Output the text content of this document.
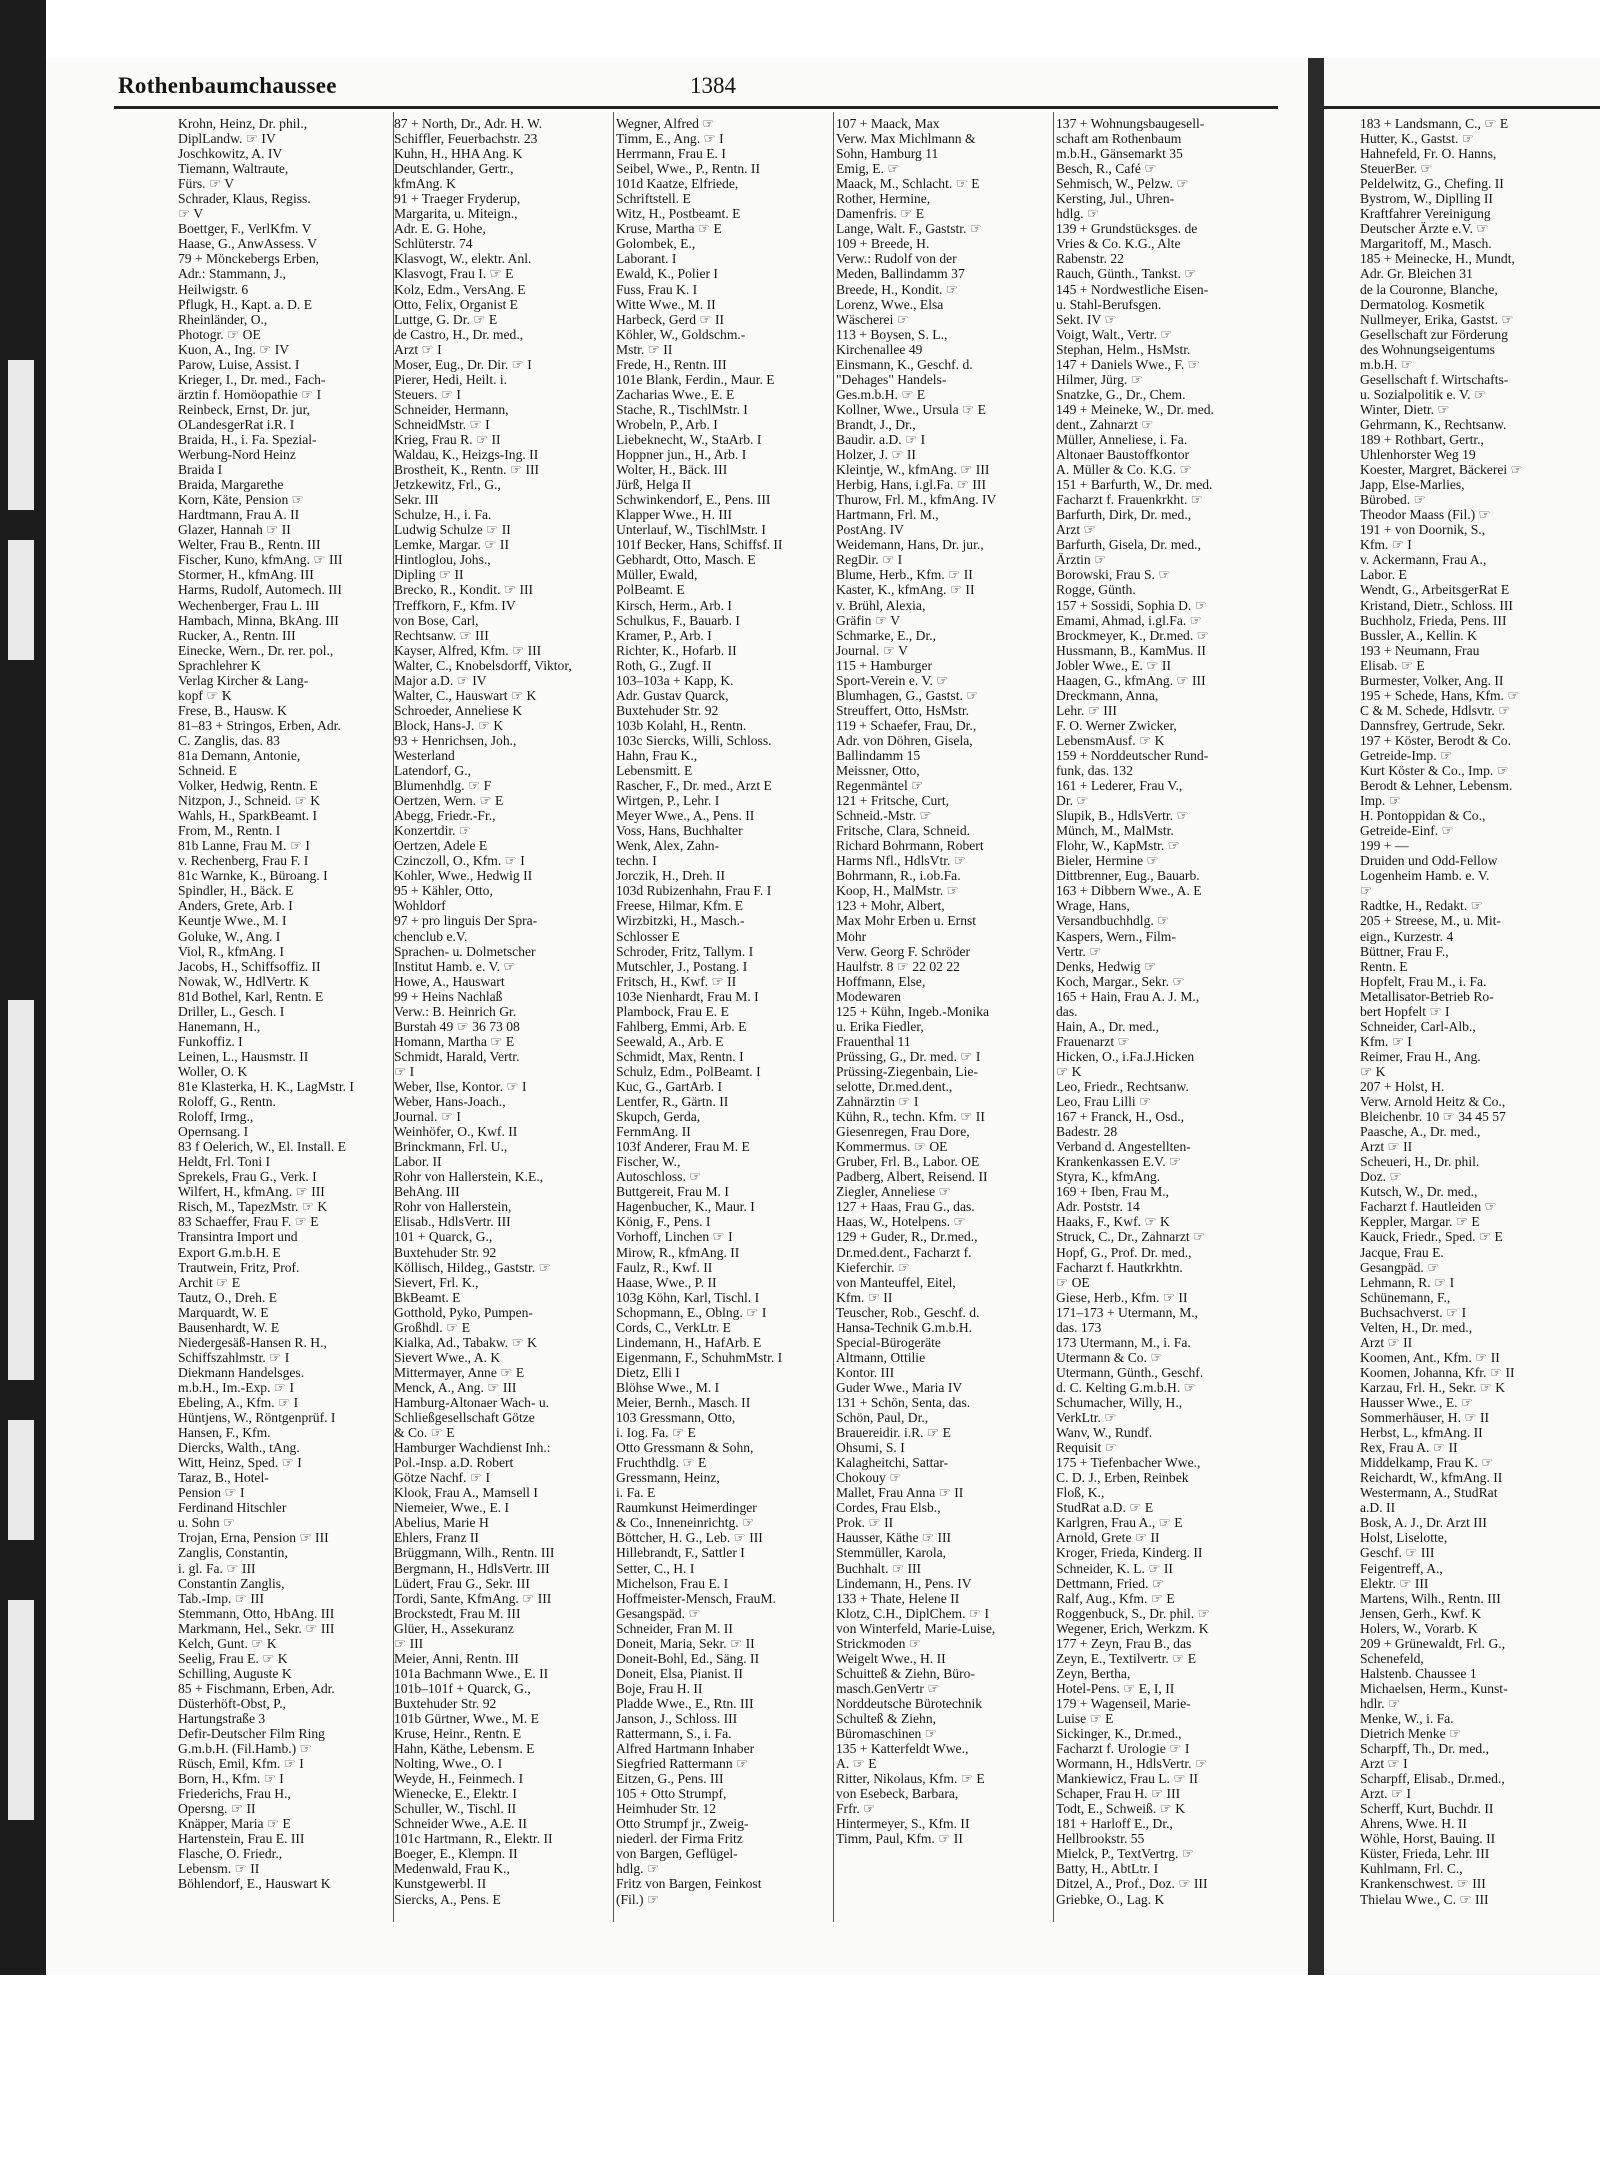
Rothenbaumchaussee	1384
Krohn, Heinz, Dr. phil.,
DiplLandw. ☞ IV
Joschkowitz, A. IV
Tiemann, Waltraute,
Fürs. ☞ V
Schrader, Klaus, Regiss.
☞ V
Boettger, F., VerlKfm. V
Haase, G., AnwAssess. V
79 + Mönckebergs Erben,
Adr.: Stammann, J.,
Heilwigstr. 6
Pflugk, H., Kapt. a. D. E
Rheinländer, O.,
Photogr. ☞ OE
Kuon, A., Ing. ☞ IV
Parow, Luise, Assist. I
Krieger, I., Dr. med., Fach-
ärztin f. Homöopathie ☞ I
Reinbeck, Ernst, Dr. jur,
OLandesgerRat i.R. I
Braida, H., i. Fa. Spezial-
Werbung-Nord Heinz
Braida I
Braida, Margarethe
Korn, Käte, Pension ☞
Hardtmann, Frau A. II
Glazer, Hannah ☞ II
Welter, Frau B., Rentn. III
Fischer, Kuno, kfmAng. ☞ III
Stormer, H., kfmAng. III
Harms, Rudolf, Automech. III
Wechenberger, Frau L. III
Hambach, Minna, BkAng. III
Rucker, A., Rentn. III
Einecke, Wern., Dr. rer. pol.,
Sprachlehrer K
Verlag Kircher & Lang-
kopf ☞ K
Frese, B., Hausw. K
81–83 + Stringos, Erben, Adr.
C. Zanglis, das. 83
81a Demann, Antonie,
Schneid. E
Volker, Hedwig, Rentn. E
Nitzpon, J., Schneid. ☞ K
Wahls, H., SparkBeamt. I
From, M., Rentn. I
81b Lanne, Frau M. ☞ I
v. Rechenberg, Frau F. I
81c Warnke, K., Büroang. I
Spindler, H., Bäck. E
Anders, Grete, Arb. I
Keuntje Wwe., M. I
Goluke, W., Ang. I
Viol, R., kfmAng. I
Jacobs, H., Schiffsoffiz. II
Nowak, W., HdlVertr. K
81d Bothel, Karl, Rentn. E
Driller, L., Gesch. I
Hanemann, H.,
Funkoffiz. I
Leinen, L., Hausmstr. II
Woller, O. K
81e Klasterka, H. K., LagMstr. I
Roloff, G., Rentn.
Roloff, Irmg.,
Opernsang. I
83 f Oelerich, W., El. Install. E
Heldt, Frl. Toni I
Sprekels, Frau G., Verk. I
Wilfert, H., kfmAng. ☞ III
Risch, M., TapezMstr. ☞ K
83 Schaeffer, Frau F. ☞ E
Transintra Import und
Export G.m.b.H. E
Trautwein, Fritz, Prof.
Archit ☞ E
Tautz, O., Dreh. E
Marquardt, W. E
Bausenhardt, W. E
Niedergesäß-Hansen R. H.,
Schiffszahlmstr. ☞ I
Diekmann Handelsges.
m.b.H., Im.-Exp. ☞ I
Ebeling, A., Kfm. ☞ I
Hüntjens, W., Röntgenprüf. I
Hansen, F., Kfm.
Diercks, Walth., tAng.
Witt, Heinz, Sped. ☞ I
Taraz, B., Hotel-
Pension ☞ I
Ferdinand Hitschler
u. Sohn ☞
Trojan, Erna, Pension ☞ III
Zanglis, Constantin,
i. gl. Fa. ☞ III
Constantin Zanglis,
Tab.-Imp. ☞ III
Stemmann, Otto, HbAng. III
Markmann, Hel., Sekr. ☞ III
Kelch, Gunt. ☞ K
Seelig, Frau E. ☞ K
Schilling, Auguste K
85 + Fischmann, Erben, Adr.
Düsterhöft-Obst, P.,
Hartungstraße 3
Defir-Deutscher Film Ring
G.m.b.H. (Fil.Hamb.) ☞
Rüsch, Emil, Kfm. ☞ I
Born, H., Kfm. ☞ I
Friederichs, Frau H.,
Opersng. ☞ II
Knäpper, Maria ☞ E
Hartenstein, Frau E. III
Flasche, O. Friedr.,
Lebensm. ☞ II
Böhlendorf, E., Hauswart K
87 + North, Dr., Adr. H. W.
Schiffler, Feuerbachstr. 23
Kuhn, H., HHA Ang. K
Deutschlander, Gertr.,
kfmAng. K
91 + Traeger Fryderup,
Margarita, u. Miteign.,
Adr. E. G. Hohe,
Schlüterstr. 74
Klasvogt, W., elektr. Anl.
Klasvogt, Frau I. ☞ E
Kolz, Edm., VersAng. E
Otto, Felix, Organist E
Luttge, G. Dr. ☞ E
de Castro, H., Dr. med.,
Arzt ☞ I
Moser, Eug., Dr. Dir. ☞ I
Pierer, Hedi, Heilt. i.
Steuers. ☞ I
Schneider, Hermann,
SchneidMstr. ☞ I
Krieg, Frau R. ☞ II
Waldau, K., Heizgs-Ing. II
Brostheit, K., Rentn. ☞ III
Jetzkewitz, Frl., G.,
Sekr. III
Schulze, H., i. Fa.
Ludwig Schulze ☞ II
Lemke, Margar. ☞ II
Hintloglou, Johs.,
Dipling ☞ II
Brecko, R., Kondit. ☞ III
Treffkorn, F., Kfm. IV
von Bose, Carl,
Rechtsanw. ☞ III
Kayser, Alfred, Kfm. ☞ III
Walter, C., Knobelsdorff, Viktor,
Major a.D. ☞ IV
Walter, C., Hauswart ☞ K
Schroeder, Anneliese K
Block, Hans-J. ☞ K
93 + Henrichsen, Joh.,
Westerland
Latendorf, G.,
Blumenhdlg. ☞ F
Oertzen, Wern. ☞ E
Abegg, Friedr.-Fr.,
Konzertdir. ☞
Oertzen, Adele E
Czinczoll, O., Kfm. ☞ I
Kohler, Wwe., Hedwig II
95 + Kähler, Otto,
Wohldorf
97 + pro linguis Der Spra-
chenclub e.V.
Sprachen- u. Dolmetscher
Institut Hamb. e. V. ☞
Howe, A., Hauswart
99 + Heins Nachlaß
Verw.: B. Heinrich Gr.
Burstah 49 ☞ 36 73 08
Homann, Martha ☞ E
Schmidt, Harald, Vertr.
☞ I
Weber, Ilse, Kontor. ☞ I
Weber, Hans-Joach.,
Journal. ☞ I
Weinhöfer, O., Kwf. II
Brinckmann, Frl. U.,
Labor. II
Rohr von Hallerstein, K.E.,
BehAng. III
Rohr von Hallerstein,
Elisab., HdlsVertr. III
101 + Quarck, G.,
Buxtehuder Str. 92
Köllisch, Hildeg., Gaststr. ☞
Sievert, Frl. K.,
BkBeamt. E
Gotthold, Pyko, Pumpen-
Großhdl. ☞ E
Kialka, Ad., Tabakw. ☞ K
Sievert Wwe., A. K
Mittermayer, Anne ☞ E
Menck, A., Ang. ☞ III
Hamburg-Altonaer Wach- u.
Schließgesellschaft Götze
& Co. ☞ E
Hamburger Wachdienst Inh.:
Pol.-Insp. a.D. Robert
Götze Nachf. ☞ I
Klook, Frau A., Mamsell I
Niemeier, Wwe., E. I
Abelius, Marie H
Ehlers, Franz II
Brüggmann, Wilh., Rentn. III
Bergmann, H., HdlsVertr. III
Lüdert, Frau G., Sekr. III
Tordi, Sante, KfmAng. ☞ III
Brockstedt, Frau M. III
Glüer, H., Assekuranz
☞ III
Meier, Anni, Rentn. III
101a Bachmann Wwe., E. II
101b–101f + Quarck, G.,
Buxtehuder Str. 92
101b Gürtner, Wwe., M. E
Kruse, Heinr., Rentn. E
Hahn, Käthe, Lebensm. E
Nolting, Wwe., O. I
Weyde, H., Feinmech. I
Wienecke, E., Elektr. I
Schuller, W., Tischl. II
Schneider Wwe., A.E. II
101c Hartmann, R., Elektr. II
Boeger, E., Klempn. II
Medenwald, Frau K.,
Kunstgewerbl. II
Siercks, A., Pens. E
Wegner, Alfred ☞
Timm, E., Ang. ☞ I
Herrmann, Frau E. I
Seibel, Wwe., P., Rentn. II
101d Kaatze, Elfriede,
Schriftstell. E
Witz, H., Postbeamt. E
Kruse, Martha ☞ E
Golombek, E.,
Laborant. I
Ewald, K., Polier I
Fuss, Frau K. I
Witte Wwe., M. II
Harbeck, Gerd ☞ II
Köhler, W., Goldschm.-
Mstr. ☞ II
Frede, H., Rentn. III
101e Blank, Ferdin., Maur. E
Zacharias Wwe., E. E
Stache, R., TischlMstr. I
Wrobeln, P., Arb. I
Liebeknecht, W., StaArb. I
Hoppner jun., H., Arb. I
Wolter, H., Bäck. III
Jürß, Helga II
Schwinkendorf, E., Pens. III
Klapper Wwe., H. III
Unterlauf, W., TischlMstr. I
101f Becker, Hans, Schiffsf. II
Gebhardt, Otto, Masch. E
Müller, Ewald,
PolBeamt. E
Kirsch, Herm., Arb. I
Schulkus, F., Bauarb. I
Kramer, P., Arb. I
Richter, K., Hofarb. II
Roth, G., Zugf. II
103–103a + Kapp, K.
Adr. Gustav Quarck,
Buxtehuder Str. 92
103b Kolahl, H., Rentn.
103c Siercks, Willi, Schloss.
Hahn, Frau K.,
Lebensmitt. E
Rascher, F., Dr. med., Arzt E
Wirtgen, P., Lehr. I
Meyer Wwe., A., Pens. II
Voss, Hans, Buchhalter
Wenk, Alex, Zahn-
techn. I
Jorczik, H., Dreh. II
103d Rubizenhahn, Frau F. I
Freese, Hilmar, Kfm. E
Wirzbitzki, H., Masch.-
Schlosser E
Schroder, Fritz, Tallym. I
Mutschler, J., Postang. I
Fritsch, H., Kwf. ☞ II
103e Nienhardt, Frau M. I
Plambock, Frau E. E
Fahlberg, Emmi, Arb. E
Seewald, A., Arb. E
Schmidt, Max, Rentn. I
Schulz, Edm., PolBeamt. I
Kuc, G., GartArb. I
Lentfer, R., Gärtn. II
Skupch, Gerda,
FernmAng. II
103f Anderer, Frau M. E
Fischer, W.,
Autoschloss. ☞
Buttgereit, Frau M. I
Hagenbucher, K., Maur. I
König, F., Pens. I
Vorhoff, Linchen ☞ I
Mirow, R., kfmAng. II
Faulz, R., Kwf. II
Haase, Wwe., P. II
103g Köhn, Karl, Tischl. I
Schopmann, E., Oblng. ☞ I
Cords, C., VerkLtr. E
Lindemann, H., HafArb. E
Eigenmann, F., SchuhmMstr. I
Dietz, Elli I
Blöhse Wwe., M. I
Meier, Bernh., Masch. II
103 Gressmann, Otto,
i. Iog. Fa. ☞ E
Otto Gressmann & Sohn,
Fruchthdlg. ☞ E
Gressmann, Heinz,
i. Fa. E
Raumkunst Heimerdinger
& Co., Inneneinrichtg. ☞
Böttcher, H. G., Leb. ☞ III
Hillebrandt, F., Sattler I
Setter, C., H. I
Michelson, Frau E. I
Hoffmeister-Mensch, FrauM.
Gesangspäd. ☞
Schneider, Fran M. II
Doneit, Maria, Sekr. ☞ II
Doneit-Bohl, Ed., Säng. II
Doneit, Elsa, Pianist. II
Boje, Frau H. II
Pladde Wwe., E., Rtn. III
Janson, J., Schloss. III
Rattermann, S., i. Fa.
Alfred Hartmann Inhaber
Siegfried Rattermann ☞
Eitzen, G., Pens. III
105 + Otto Strumpf,
Heimhuder Str. 12
Otto Strumpf jr., Zweig-
niederl. der Firma Fritz
von Bargen, Geflügel-
hdlg. ☞
Fritz von Bargen, Feinkost
(Fil.) ☞
107 + Maack, Max
Verw. Max Michlmann &
Sohn, Hamburg 11
Emig, E. ☞
Maack, M., Schlacht. ☞ E
Rother, Hermine,
Damenfris. ☞ E
Lange, Walt. F., Gaststr. ☞
109 + Breede, H.
Verw.: Rudolf von der
Meden, Ballindamm 37
Breede, H., Kondit. ☞
Lorenz, Wwe., Elsa
Wäscherei ☞
113 + Boysen, S. L.,
Kirchenallee 49
Einsmann, K., Geschf. d.
"Dehages" Handels-
Ges.m.b.H. ☞ E
Kollner, Wwe., Ursula ☞ E
Brandt, J., Dr.,
Baudir. a.D. ☞ I
Holzer, J. ☞ II
Kleintje, W., kfmAng. ☞ III
Herbig, Hans, i.gl.Fa. ☞ III
Thurow, Frl. M., kfmAng. IV
Hartmann, Frl. M.,
PostAng. IV
Weidemann, Hans, Dr. jur.,
RegDir. ☞ I
Blume, Herb., Kfm. ☞ II
Kaster, K., kfmAng. ☞ II
v. Brühl, Alexia,
Gräfin ☞ V
Schmarke, E., Dr.,
Journal. ☞ V
115 + Hamburger
Sport-Verein e. V. ☞
Blumhagen, G., Gastst. ☞
Streuffert, Otto, HsMstr.
119 + Schaefer, Frau, Dr.,
Adr. von Döhren, Gisela,
Ballindamm 15
Meissner, Otto,
Regenmäntel ☞
121 + Fritsche, Curt,
Schneid.-Mstr. ☞
Fritsche, Clara, Schneid.
Richard Bohrmann, Robert
Harms Nfl., HdlsVtr. ☞
Bohrmann, R., i.ob.Fa.
Koop, H., MalMstr. ☞
123 + Mohr, Albert,
Max Mohr Erben u. Ernst
Mohr
Verw. Georg F. Schröder
Haulfstr. 8 ☞ 22 02 22
Hoffmann, Else,
Modewaren
125 + Kühn, Ingeb.-Monika
u. Erika Fiedler,
Frauenthal 11
Prüssing, G., Dr. med. ☞ I
Prüssing-Ziegenbain, Lie-
selotte, Dr.med.dent.,
Zahnärztin ☞ I
Kühn, R., techn. Kfm. ☞ II
Giesenregen, Frau Dore,
Kommermus. ☞ OE
Gruber, Frl. B., Labor. OE
Padberg, Albert, Reisend. II
Ziegler, Anneliese ☞
127 + Haas, Frau G., das.
Haas, W., Hotelpens. ☞
129 + Guder, R., Dr.med.,
Dr.med.dent., Facharzt f.
Kieferchir. ☞
von Manteuffel, Eitel,
Kfm. ☞ II
Teuscher, Rob., Geschf. d.
Hansa-Technik G.m.b.H.
Special-Bürogeräte
Altmann, Ottilie
Kontor. III
Guder Wwe., Maria IV
131 + Schön, Senta, das.
Schön, Paul, Dr.,
Brauereidir. i.R. ☞ E
Ohsumi, S. I
Kalagheitchi, Sattar-
Chokouy ☞
Mallet, Frau Anna ☞ II
Cordes, Frau Elsb.,
Prok. ☞ II
Hausser, Käthe ☞ III
Stemmüller, Karola,
Buchhalt. ☞ III
Lindemann, H., Pens. IV
133 + Thate, Helene II
Klotz, C.H., DiplChem. ☞ I
von Winterfeld, Marie-Luise,
Strickmoden ☞
Weigelt Wwe., H. II
Schuitteß & Ziehn, Büro-
masch.GenVertr ☞
Norddeutsche Bürotechnik
Schulteß & Ziehn,
Büromaschinen ☞
135 + Katterfeldt Wwe.,
A. ☞ E
Ritter, Nikolaus, Kfm. ☞ E
von Esebeck, Barbara,
Frfr. ☞
Hintermeyer, S., Kfm. II
Timm, Paul, Kfm. ☞ II
137 + Wohnungsbaugesell-
schaft am Rothenbaum
m.b.H., Gänsemarkt 35
Besch, R., Café ☞
Sehmisch, W., Pelzw. ☞
Kersting, Jul., Uhren-
hdlg. ☞
139 + Grundstücksges. de
Vries & Co. K.G., Alte
Rabenstr. 22
Rauch, Günth., Tankst. ☞
145 + Nordwestliche Eisen-
u. Stahl-Berufsgen.
Sekt. IV ☞
Voigt, Walt., Vertr. ☞
Stephan, Helm., HsMstr.
147 + Daniels Wwe., F. ☞
Hilmer, Jürg. ☞
Snatzke, G., Dr., Chem.
149 + Meineke, W., Dr. med.
dent., Zahnarzt ☞
Müller, Anneliese, i. Fa.
Altonaer Baustoffkontor
A. Müller & Co. K.G. ☞
151 + Barfurth, W., Dr. med.
Facharzt f. Frauenkrkht. ☞
Barfurth, Dirk, Dr. med.,
Arzt ☞
Barfurth, Gisela, Dr. med.,
Ärztin ☞
Borowski, Frau S. ☞
Rogge, Günth.
157 + Sossidi, Sophia D. ☞
Emami, Ahmad, i.gl.Fa. ☞
Brockmeyer, K., Dr.med. ☞
Hussmann, B., KamMus. II
Jobler Wwe., E. ☞ II
Haagen, G., kfmAng. ☞ III
Dreckmann, Anna,
Lehr. ☞ III
F. O. Werner Zwicker,
LebensmAusf. ☞ K
159 + Norddeutscher Rund-
funk, das. 132
161 + Lederer, Frau V.,
Dr. ☞
Slupik, B., HdlsVertr. ☞
Münch, M., MalMstr.
Flohr, W., KapMstr. ☞
Bieler, Hermine ☞
Dittbrenner, Eug., Bauarb.
163 + Dibbern Wwe., A. E
Wrage, Hans,
Versandbuchhdlg. ☞
Kaspers, Wern., Film-
Vertr. ☞
Denks, Hedwig ☞
Koch, Margar., Sekr. ☞
165 + Hain, Frau A. J. M.,
das.
Hain, A., Dr. med.,
Frauenarzt ☞
Hicken, O., i.Fa.J.Hicken
☞ K
Leo, Friedr., Rechtsanw.
Leo, Frau Lilli ☞
167 + Franck, H., Osd.,
Badestr. 28
Verband d. Angestellten-
Krankenkassen E.V. ☞
Styra, K., kfmAng.
169 + Iben, Frau M.,
Adr. Poststr. 14
Haaks, F., Kwf. ☞ K
Struck, C., Dr., Zahnarzt ☞
Hopf, G., Prof. Dr. med.,
Facharzt f. Hautkrkhtn.
☞ OE
Giese, Herb., Kfm. ☞ II
171–173 + Utermann, M.,
das. 173
173 Utermann, M., i. Fa.
Utermann & Co. ☞
Utermann, Günth., Geschf.
d. C. Kelting G.m.b.H. ☞
Schumacher, Willy, H.,
VerkLtr. ☞
Wanv, W., Rundf.
Requisit ☞
175 + Tiefenbacher Wwe.,
C. D. J., Erben, Reinbek
Floß, K.,
StudRat a.D. ☞ E
Karlgren, Frau A., ☞ E
Arnold, Grete ☞ II
Kroger, Frieda, Kinderg. II
Schneider, K. L. ☞ II
Dettmann, Fried. ☞
Ralf, Aug., Kfm. ☞ E
Roggenbuck, S., Dr. phil. ☞
Wegener, Erich, Werkzm. K
177 + Zeyn, Frau B., das
Zeyn, E., Textilvertr. ☞ E
Zeyn, Bertha,
Hotel-Pens. ☞ E, I, II
179 + Wagenseil, Marie-
Luise ☞ E
Sickinger, K., Dr.med.,
Facharzt f. Urologie ☞ I
Wormann, H., HdlsVertr. ☞
Mankiewicz, Frau L. ☞ II
Schaper, Frau H. ☞ III
Todt, E., Schweiß. ☞ K
181 + Harloff E., Dr.,
Hellbrookstr. 55
Mielck, P., TextVertrg. ☞
Batty, H., AbtLtr. I
Ditzel, A., Prof., Doz. ☞ III
Griebke, O., Lag. K
183 + Landsmann, C., ☞ E
Hutter, K., Gastst. ☞
Hahnefeld, Fr. O. Hanns,
SteuerBer. ☞
Peldelwitz, G., Chefing. II
Bystrom, W., Diplling II
Kraftfahrer Vereinigung
Deutscher Ärzte e.V. ☞
Margaritoff, M., Masch.
185 + Meinecke, H., Mundt,
Adr. Gr. Bleichen 31
de la Couronne, Blanche,
Dermatolog. Kosmetik
Nullmeyer, Erika, Gastst. ☞
Gesellschaft zur Förderung
des Wohnungseigentums
m.b.H. ☞
Gesellschaft f. Wirtschafts-
u. Sozialpolitik e. V. ☞
Winter, Dietr. ☞
Gehrmann, K., Rechtsanw.
189 + Rothbart, Gertr.,
Uhlenhorster Weg 19
Koester, Margret, Bäckerei ☞
Japp, Else-Marlies,
Bürobed. ☞
Theodor Maass (Fil.) ☞
191 + von Doornik, S.,
Kfm. ☞ I
v. Ackermann, Frau A.,
Labor. E
Wendt, G., ArbeitsgerRat E
Kristand, Dietr., Schloss. III
Buchholz, Frieda, Pens. III
Bussler, A., Kellin. K
193 + Neumann, Frau
Elisab. ☞ E
Burmester, Volker, Ang. II
195 + Schede, Hans, Kfm. ☞
C & M. Schede, Hdlsvtr. ☞
Dannsfrey, Gertrude, Sekr.
197 + Köster, Berodt & Co.
Getreide-Imp. ☞
Kurt Köster & Co., Imp. ☞
Berodt & Lehner, Lebensm.
Imp. ☞
H. Pontoppidan & Co.,
Getreide-Einf. ☞
199 + —
Druiden und Odd-Fellow
Logenheim Hamb. e. V.
☞
Radtke, H., Redakt. ☞
205 + Streese, M., u. Mit-
eign., Kurzestr. 4
Büttner, Frau F.,
Rentn. E
Hopfelt, Frau M., i. Fa.
Metallisator-Betrieb Ro-
bert Hopfelt ☞ I
Schneider, Carl-Alb.,
Kfm. ☞ I
Reimer, Frau H., Ang.
☞ K
207 + Holst, H.
Verw. Arnold Heitz & Co.,
Bleichenbr. 10 ☞ 34 45 57
Paasche, A., Dr. med.,
Arzt ☞ II
Scheueri, H., Dr. phil.
Doz. ☞
Kutsch, W., Dr. med.,
Facharzt f. Hautleiden ☞
Keppler, Margar. ☞ E
Kauck, Friedr., Sped. ☞ E
Jacque, Frau E.
Gesangpäd. ☞
Lehmann, R. ☞ I
Schünemann, F.,
Buchsachverst. ☞ I
Velten, H., Dr. med.,
Arzt ☞ II
Koomen, Ant., Kfm. ☞ II
Koomen, Johanna, Kfr. ☞ II
Karzau, Frl. H., Sekr. ☞ K
Hausser Wwe., E. ☞
Sommerhäuser, H. ☞ II
Herbst, L., kfmAng. II
Rex, Frau A. ☞ II
Middelkamp, Frau K. ☞
Reichardt, W., kfmAng. II
Westermann, A., StudRat
a.D. II
Bosk, A. J., Dr. Arzt III
Holst, Liselotte,
Geschf. ☞ III
Feigentreff, A.,
Elektr. ☞ III
Martens, Wilh., Rentn. III
Jensen, Gerh., Kwf. K
Holers, W., Vorarb. K
209 + Grünewaldt, Frl. G.,
Schenefeld,
Halstenb. Chaussee 1
Michaelsen, Herm., Kunst-
hdlr. ☞
Menke, W., i. Fa.
Dietrich Menke ☞
Scharpff, Th., Dr. med.,
Arzt ☞ I
Scharpff, Elisab., Dr.med.,
Arzt. ☞ I
Scherff, Kurt, Buchdr. II
Ahrens, Wwe. H. II
Wöhle, Horst, Bauing. II
Küster, Frieda, Lehr. III
Kuhlmann, Frl. C.,
Krankenschwest. ☞ III
Thielau Wwe., C. ☞ III
